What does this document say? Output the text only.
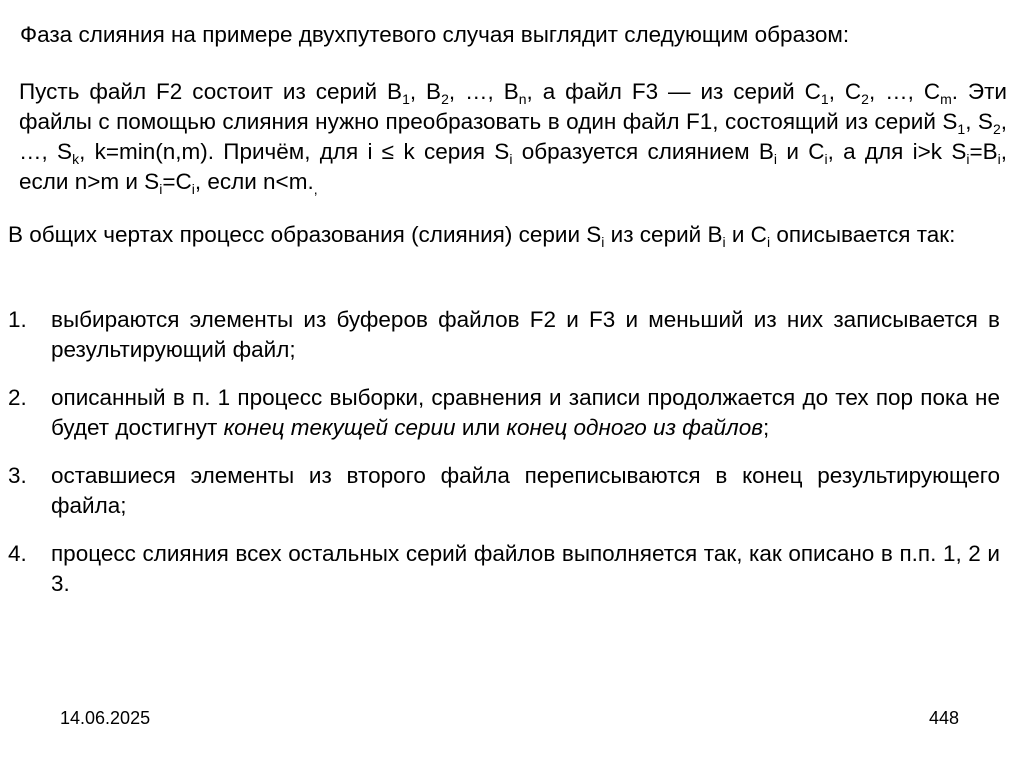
Фаза слияния на примере двухпутевого случая выглядит следующим образом:
Пусть файл F2 состоит из серий $B_1$, $B_2$, …, $B_n$, а файл F3 — из серий $C_1$, $C_2$, …, $C_m$. Эти файлы с помощью слияния нужно преобразовать в один файл F1, состоящий из серий $S_1$, $S_2$, …, $S_k$, k=min(n,m). Причём, для i ≤ k серия $S_i$ образуется слиянием $B_i$ и $C_i$, а для i>k $S_i=B_i$, если n>m и $S_i=C_i$, если $n<m._,$
В общих чертах процесс образования (слияния) серии $S_i$ из серий $B_i$ и $C_i$ описывается так:
1. выбираются элементы из буферов файлов F2 и F3 и меньший из них записывается в результирующий файл;
2. описанный в п. 1 процесс выборки, сравнения и записи продолжается до тех пор пока не будет достигнут конец текущей серии или конец одного из файлов;
3. оставшиеся элементы из второго файла переписываются в конец результирующего файла;
4. процесс слияния всех остальных серий файлов выполняется так, как описано в п.п. 1, 2 и 3.
14.06.2025	448
